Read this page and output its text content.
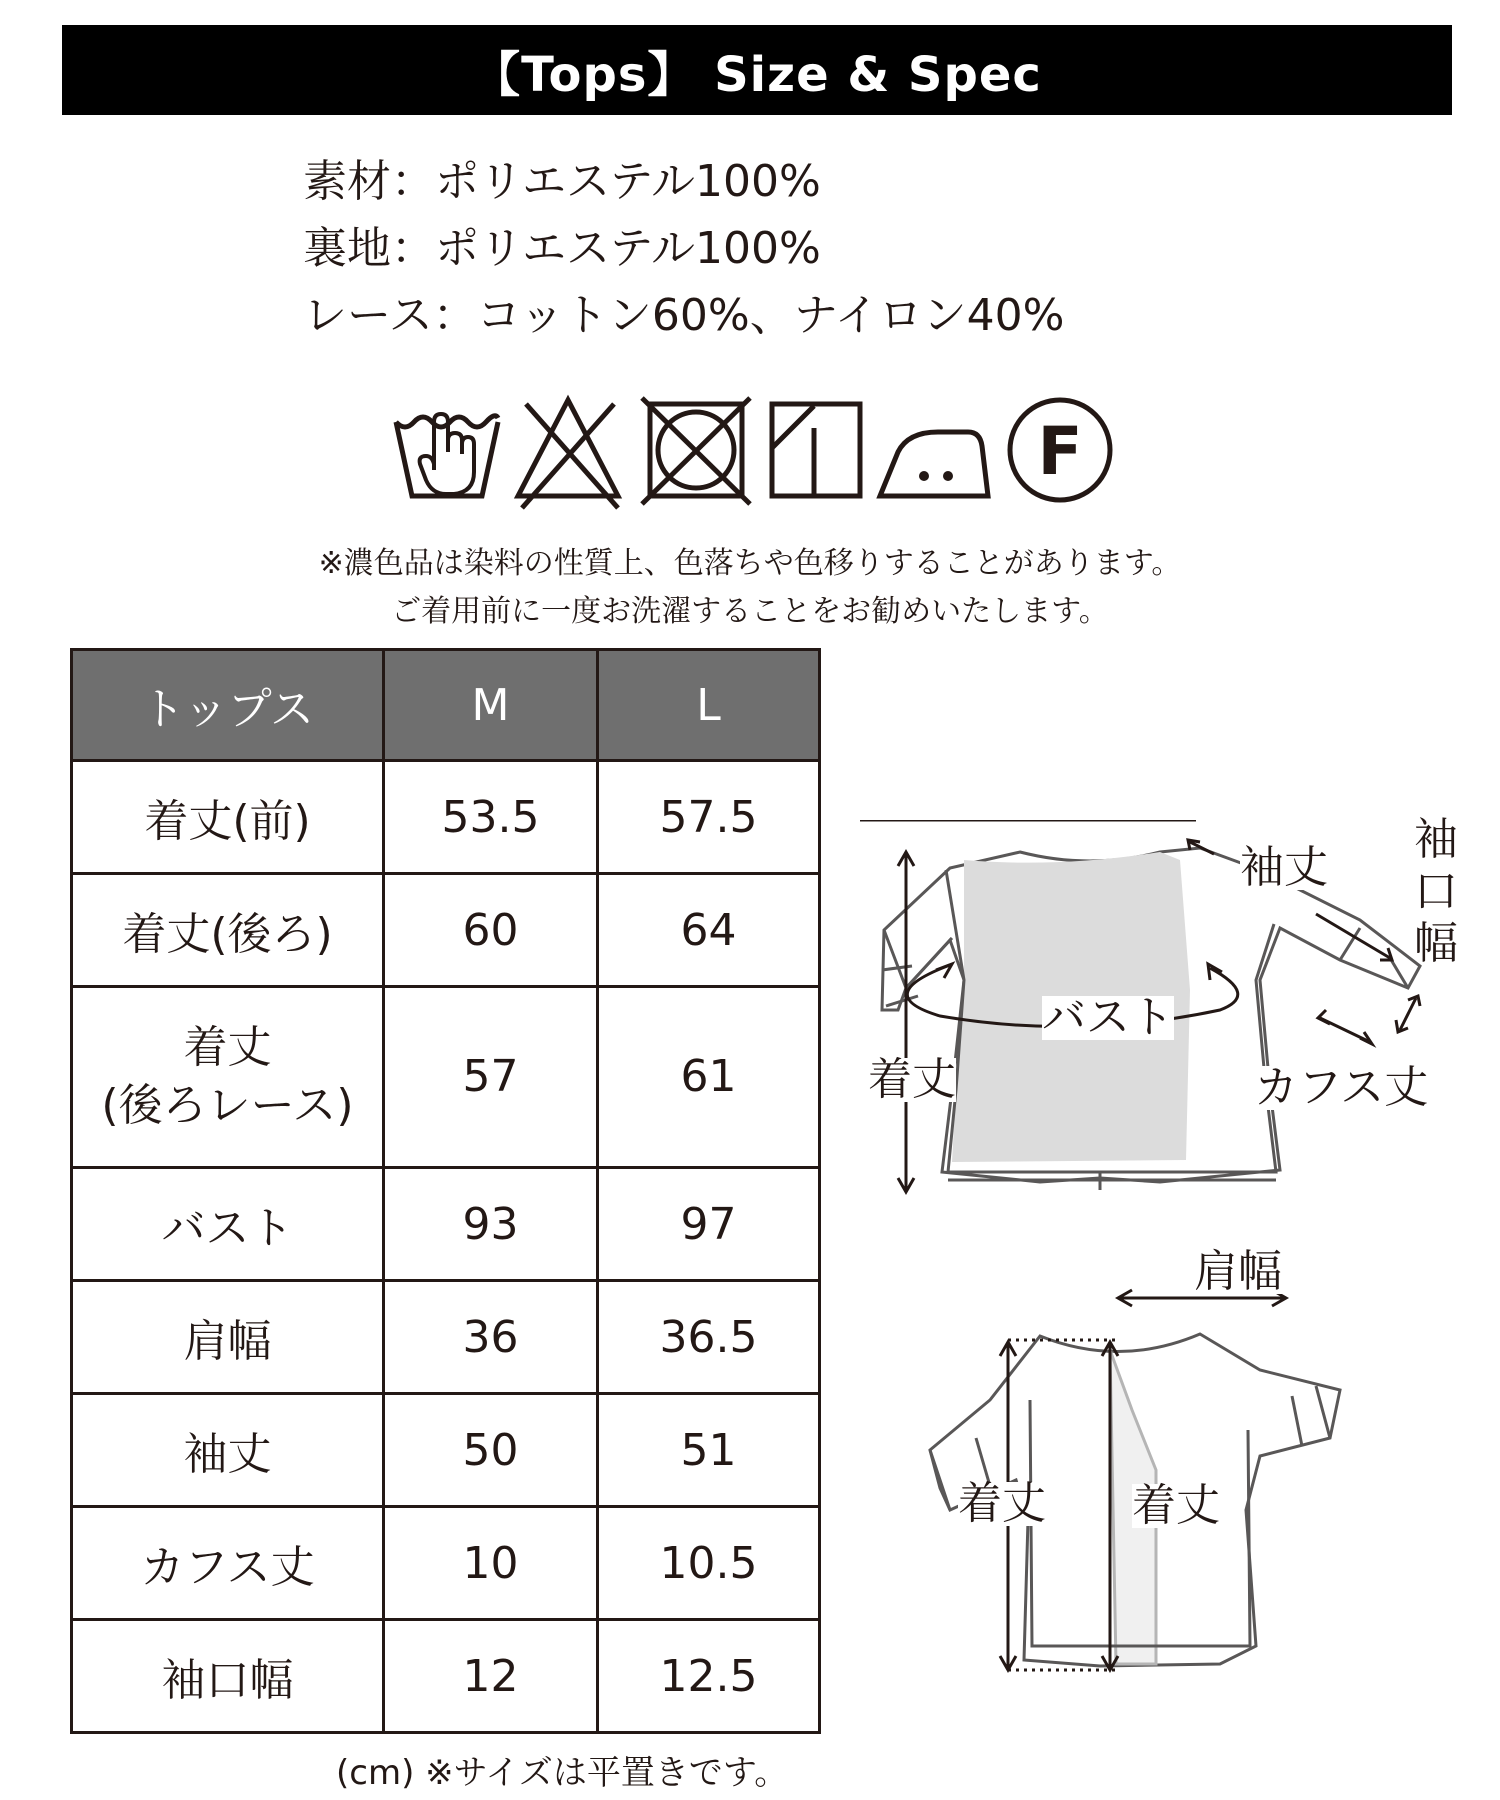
【Tops】 Size & Spec
素材：ポリエステル100%
裏地：ポリエステル100%
レース：コットン60%、ナイロン40%
F
※濃色品は染料の性質上、色落ちや色移りすることがあります。
ご着用前に一度お洗濯することをお勧めいたします。
トップス	M	L
着丈(前)	53.5	57.5
着丈(後ろ)	60	64

着丈
(後ろレース)	57	61
バスト	93	97
肩幅	36	36.5
袖丈	50	51
カフス丈	10	10.5
袖口幅	12	12.5
(cm) ※サイズは平置きです。
袖丈
袖
口
幅
バスト
着丈	カフス丈
肩幅
着丈 着丈
